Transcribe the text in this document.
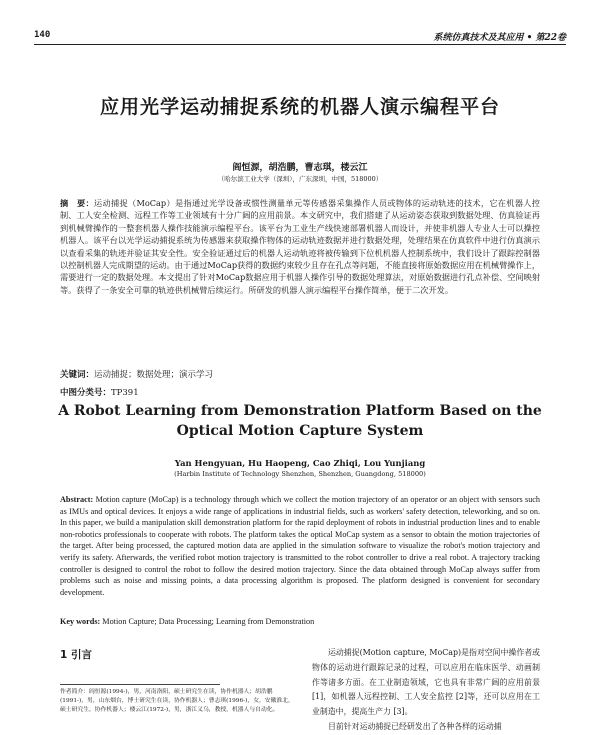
140	系统仿真技术及其应用 • 第22卷
应用光学运动捕捉系统的机器人演示编程平台
阎恒源，胡浩鹏，曹志琪，楼云江
（哈尔滨工业大学（深圳），广东深圳，中国，518000）
摘　要：运动捕捉（MoCap）是指通过光学设备或惯性测量单元等传感器采集操作人员或物体的运动轨迹的技术，它在机器人控制、工人安全检测、远程工作等工业领域有十分广阔的应用前景。本文研究中，我们搭建了从运动姿态获取到数据处理、仿真验证再到机械臂操作的一整套机器人操作技能演示编程平台。该平台为工业生产线快速部署机器人而设计，并使非机器人专业人士可以操控机器人。该平台以光学运动捕捉系统为传感器来获取操作物体的运动轨迹数据并进行数据处理，处理结果在仿真软件中进行仿真演示以查看采集的轨迹并验证其安全性。安全验证通过后的机器人运动轨迹将被传输到下位机机器人控制系统中，我们设计了跟踪控制器以控制机器人完成期望的运动。由于通过MoCap获得的数据约束较少且存在孔点等问题，不能直接将原始数据应用在机械臂操作上，需要进行一定的数据处理。本文提出了针对MoCap数据应用于机器人操作引导的数据处理算法，对原始数据进行孔点补偿、空间映射等。获得了一条安全可靠的轨迹供机械臂后续运行。所研发的机器人演示编程平台操作简单，便于二次开发。
关键词：运动捕捉；数据处理；演示学习
中图分类号：TP391
A Robot Learning from Demonstration Platform Based on the Optical Motion Capture System
Yan Hengyuan, Hu Haopeng, Cao Zhiqi, Lou Yunjiang
(Harbin Institute of Technology Shenzhen, Shenzhen, Guangdong, 518000)
Abstract: Motion capture (MoCap) is a technology through which we collect the motion trajectory of an operator or an object with sensors such as IMUs and optical devices. It enjoys a wide range of applications in industrial fields, such as workers' safety detection, teleworking, and so on. In this paper, we build a manipulation skill demonstration platform for the rapid deployment of robots in industrial production lines and to enable non-robotics professionals to cooperate with robots. The platform takes the optical MoCap system as a sensor to obtain the motion trajectories of the target. After being processed, the captured motion data are applied in the simulation software to visualize the robot's motion trajectory and verify its safety. Afterwards, the verified robot motion trajectory is transmitted to the robot controller to drive a real robot. A trajectory tracking controller is designed to control the robot to follow the desired motion trajectory. Since the data obtained through MoCap always suffer from problems such as noise and missing points, a data processing algorithm is proposed. The platform designed is convenient for secondary development.
Key words: Motion Capture; Data Processing; Learning from Demonstration
1 引言
作者简介：阎恒源(1994-)，男，河南洛阳，硕士研究生在读，协作机器人；胡浩鹏(1991-)，男，山东烟台，博士研究生在读，协作机器人；曹志琪(1996-)，女，安徽淮北，硕士研究生，协作机器人；楼云江(1972-)，男，浙江义乌，教授，机器人与自动化。

运动捕捉(Motion capture, MoCap)是指对空间中操作者或物体的运动进行跟踪记录的过程，可以应用在临床医学、动画制作等诸多方面。在工业制造领域，它也具有非常广阔的应用前景 [1]，如机器人远程控制、工人安全监控 [2]等，还可以应用在工业制造中，提高生产力 [3]。

目前针对运动捕捉已经研发出了各种各样的运动捕
